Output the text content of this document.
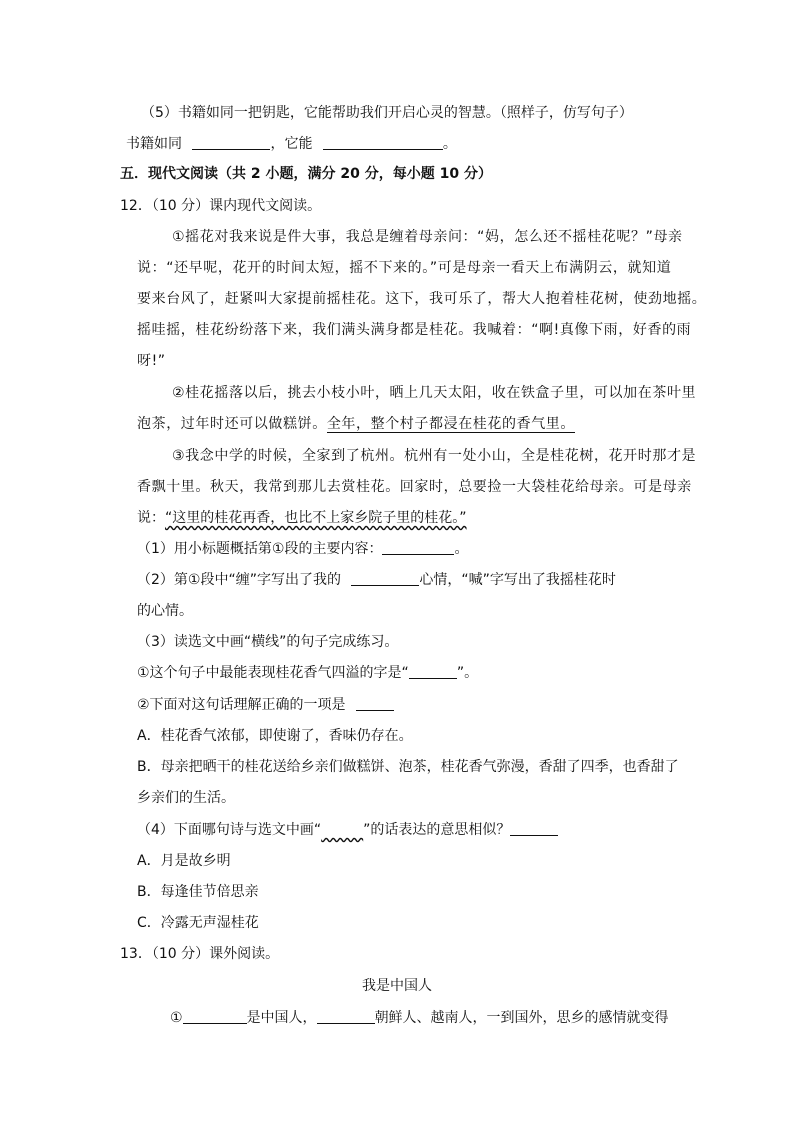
（5）书籍如同一把钥匙，它能帮助我们开启心灵的智慧。（照样子，仿写句子）
书籍如同	，它能	。
五．现代文阅读（共 2 小题，满分 20 分，每小题 10 分）
12．（10 分）课内现代文阅读。
①摇花对我来说是件大事，我总是缠着母亲问：“妈，怎么还不摇桂花呢？”母亲
说：“还早呢，花开的时间太短，摇不下来的。”可是母亲一看天上布满阴云，就知道
要来台风了，赶紧叫大家提前摇桂花。这下，我可乐了，帮大人抱着桂花树，使劲地摇。
摇哇摇，桂花纷纷落下来，我们满头满身都是桂花。我喊着：“啊!真像下雨，好香的雨
呀!”
②桂花摇落以后，挑去小枝小叶，晒上几天太阳，收在铁盒子里，可以加在茶叶里
泡茶，过年时还可以做糕饼。全年，整个村子都浸在桂花的香气里。
③我念中学的时候，全家到了杭州。杭州有一处小山，全是桂花树，花开时那才是
香飘十里。秋天，我常到那儿去赏桂花。回家时，总要捡一大袋桂花给母亲。可是母亲
说：“这里的桂花再香，也比不上家乡院子里的桂花。”
（1）用小标题概括第①段的主要内容：	。
（2）第①段中“缠”字写出了我的	心情，“喊”字写出了我摇桂花时
的心情。
（3）读选文中画“横线”的句子完成练习。
①这个句子中最能表现桂花香气四溢的字是“	”。
②下面对这句话理解正确的一项是
A．桂花香气浓郁，即使谢了，香味仍存在。
B．母亲把晒干的桂花送给乡亲们做糕饼、泡茶，桂花香气弥漫，香甜了四季，也香甜了
乡亲们的生活。
（4）下面哪句诗与选文中画“　　　	”的话表达的意思相似？
A．月是故乡明
B．每逢佳节倍思亲
C．冷露无声湿桂花
13．（10 分）课外阅读。
我是中国人
①	是中国人，	朝鲜人、越南人，一到国外，思乡的感情就变得
